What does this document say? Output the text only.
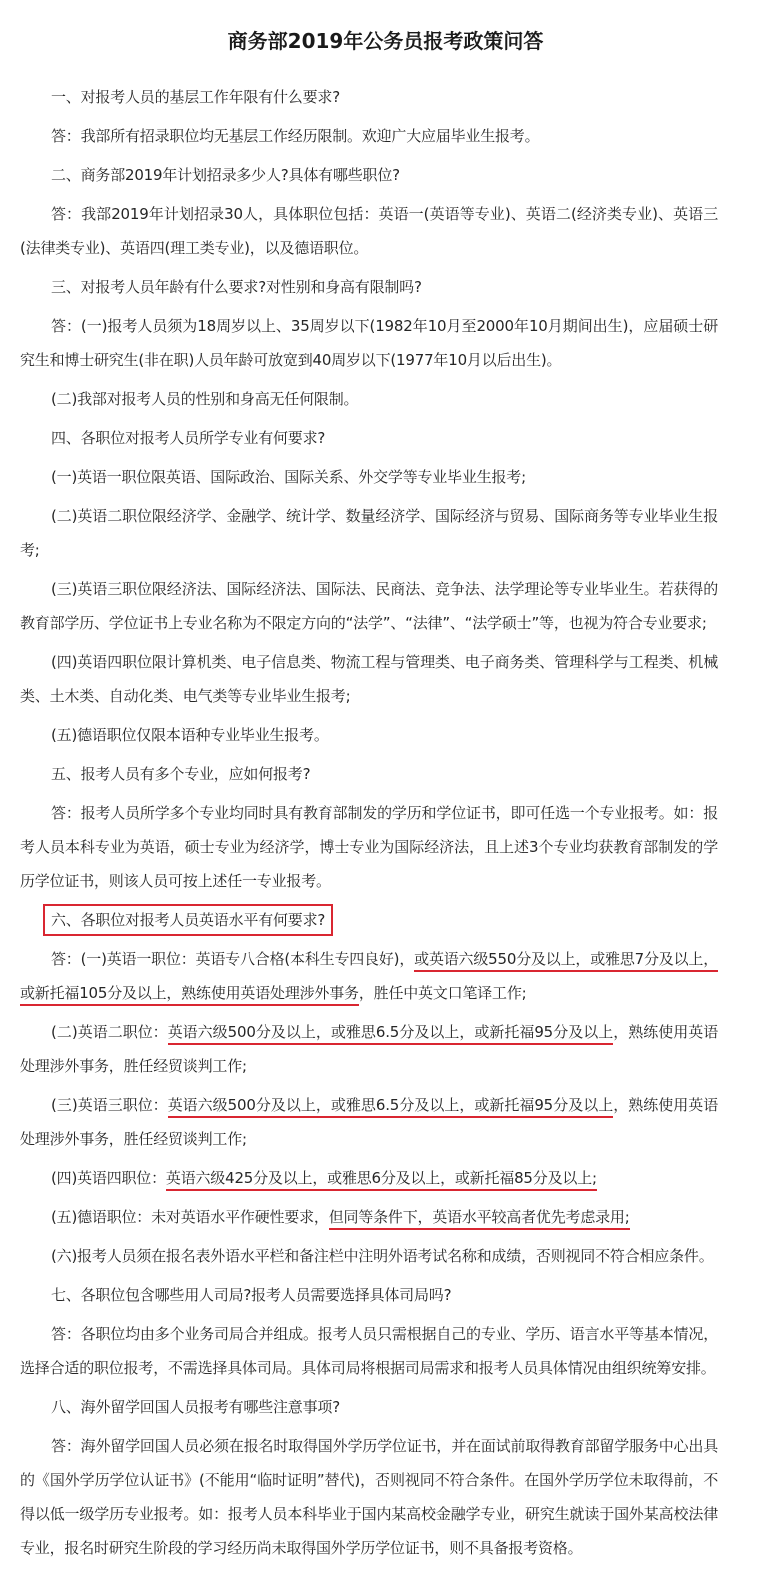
商务部2019年公务员报考政策问答

一、对报考人员的基层工作年限有什么要求?

答：我部所有招录职位均无基层工作经历限制。欢迎广大应届毕业生报考。

二、商务部2019年计划招录多少人?具体有哪些职位?

答：我部2019年计划招录30人，具体职位包括：英语一(英语等专业)、英语二(经济类专业)、英语三(法律类专业)、英语四(理工类专业)，以及德语职位。

三、对报考人员年龄有什么要求?对性别和身高有限制吗?

答：(一)报考人员须为18周岁以上、35周岁以下(1982年10月至2000年10月期间出生)，应届硕士研究生和博士研究生(非在职)人员年龄可放宽到40周岁以下(1977年10月以后出生)。

(二)我部对报考人员的性别和身高无任何限制。

四、各职位对报考人员所学专业有何要求?

(一)英语一职位限英语、国际政治、国际关系、外交学等专业毕业生报考;

(二)英语二职位限经济学、金融学、统计学、数量经济学、国际经济与贸易、国际商务等专业毕业生报考;

(三)英语三职位限经济法、国际经济法、国际法、民商法、竞争法、法学理论等专业毕业生。若获得的教育部学历、学位证书上专业名称为不限定方向的“法学”、“法律”、“法学硕士”等，也视为符合专业要求;

(四)英语四职位限计算机类、电子信息类、物流工程与管理类、电子商务类、管理科学与工程类、机械类、土木类、自动化类、电气类等专业毕业生报考;

(五)德语职位仅限本语种专业毕业生报考。

五、报考人员有多个专业，应如何报考?

答：报考人员所学多个专业均同时具有教育部制发的学历和学位证书，即可任选一个专业报考。如：报考人员本科专业为英语，硕士专业为经济学，博士专业为国际经济法，且上述3个专业均获教育部制发的学历学位证书，则该人员可按上述任一专业报考。

六、各职位对报考人员英语水平有何要求?

答：(一)英语一职位：英语专八合格(本科生专四良好)，或英语六级550分及以上，或雅思7分及以上，或新托福105分及以上，熟练使用英语处理涉外事务，胜任中英文口笔译工作;

(二)英语二职位：英语六级500分及以上，或雅思6.5分及以上，或新托福95分及以上，熟练使用英语处理涉外事务，胜任经贸谈判工作;

(三)英语三职位：英语六级500分及以上，或雅思6.5分及以上，或新托福95分及以上，熟练使用英语处理涉外事务，胜任经贸谈判工作;

(四)英语四职位：英语六级425分及以上，或雅思6分及以上，或新托福85分及以上;

(五)德语职位：未对英语水平作硬性要求，但同等条件下，英语水平较高者优先考虑录用;

(六)报考人员须在报名表外语水平栏和备注栏中注明外语考试名称和成绩，否则视同不符合相应条件。

七、各职位包含哪些用人司局?报考人员需要选择具体司局吗?

答：各职位均由多个业务司局合并组成。报考人员只需根据自己的专业、学历、语言水平等基本情况，选择合适的职位报考，不需选择具体司局。具体司局将根据司局需求和报考人员具体情况由组织统筹安排。

八、海外留学回国人员报考有哪些注意事项?

答：海外留学回国人员必须在报名时取得国外学历学位证书，并在面试前取得教育部留学服务中心出具的《国外学历学位认证书》(不能用“临时证明”替代)，否则视同不符合条件。在国外学历学位未取得前，不得以低一级学历专业报考。如：报考人员本科毕业于国内某高校金融学专业，研究生就读于国外某高校法律专业，报名时研究生阶段的学习经历尚未取得国外学历学位证书，则不具备报考资格。
